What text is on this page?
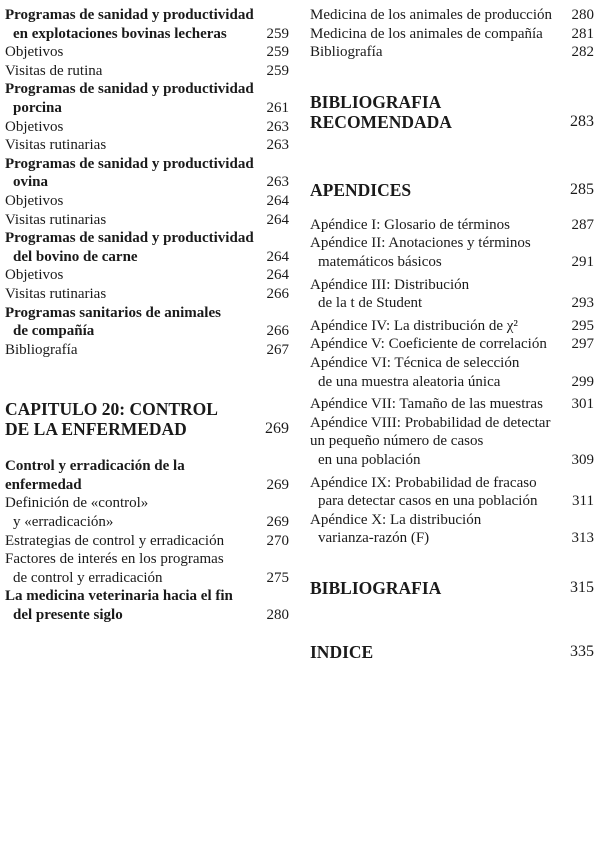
Programas de sanidad y productividad
en explotaciones bovinas lecheras	259
Objetivos	259
Visitas de rutina	259
Programas de sanidad y productividad
porcina	261
Objetivos	263
Visitas rutinarias	263
Programas de sanidad y productividad
ovina	263
Objetivos	264
Visitas rutinarias	264
Programas de sanidad y productividad
del bovino de carne	264
Objetivos	264
Visitas rutinarias	266
Programas sanitarios de animales
de compañía	266
Bibliografía	267
CAPITULO 20: CONTROL
DE LA ENFERMEDAD	269
Control y erradicación de la enfermedad	269
Definición de «control»
y «erradicación»	269
Estrategias de control y erradicación	270
Factores de interés en los programas
de control y erradicación	275
La medicina veterinaria hacia el fin
del presente siglo	280
Medicina de los animales de producción	280
Medicina de los animales de compañía	281
Bibliografía	282
BIBLIOGRAFIA RECOMENDADA	283
APENDICES	285
Apéndice I: Glosario de términos	287
Apéndice II: Anotaciones y términos
matemáticos básicos	291
Apéndice III: Distribución
de la t de Student	293
Apéndice IV: La distribución de χ²	295
Apéndice V: Coeficiente de correlación	297
Apéndice VI: Técnica de selección
de una muestra aleatoria única	299
Apéndice VII: Tamaño de las muestras	301
Apéndice VIII: Probabilidad de detectar
un pequeño número de casos
en una población	309
Apéndice IX: Probabilidad de fracaso
para detectar casos en una población	311
Apéndice X: La distribución
varianza-razón (F)	313
BIBLIOGRAFIA	315
INDICE	335
